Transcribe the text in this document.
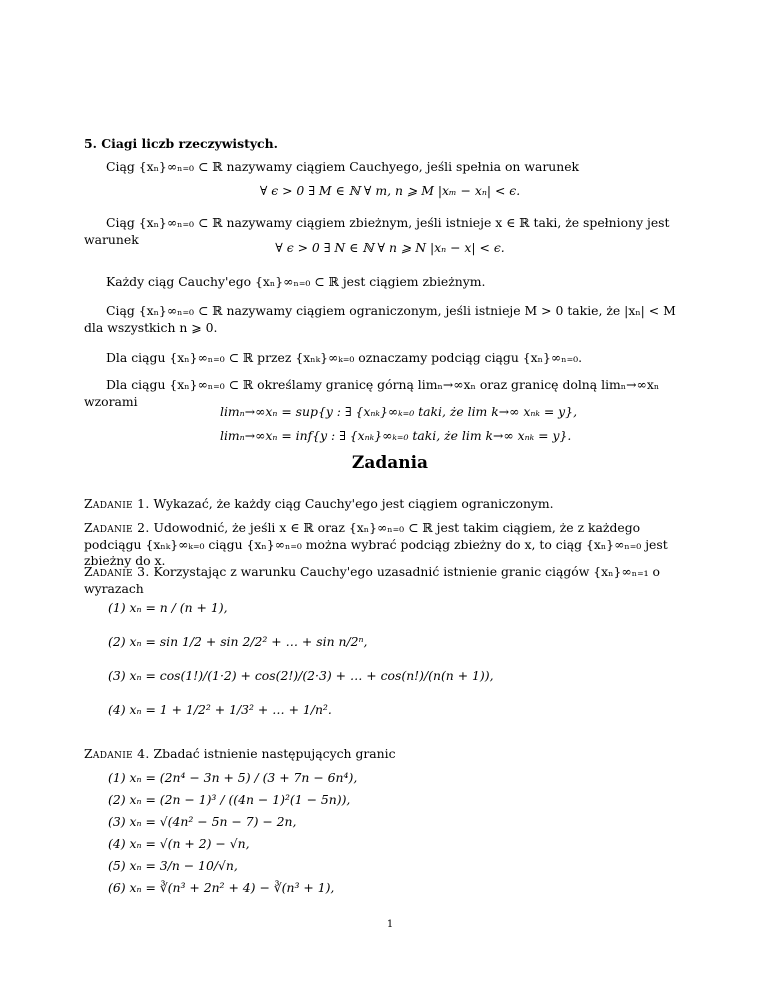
5. Ciagi liczb rzeczywistych.
Ciąg {xₙ}∞ₙ₌₀ ⊂ ℝ nazywamy ciągiem Cauchyego, jeśli spełnia on warunek
∀ ϵ > 0 ∃ M ∈ ℕ ∀ m, n ⩾ M |xₘ − xₙ| < ϵ.
Ciąg {xₙ}∞ₙ₌₀ ⊂ ℝ nazywamy ciągiem zbieżnym, jeśli istnieje x ∈ ℝ taki, że spełniony jest warunek
∀ ϵ > 0 ∃ N ∈ ℕ ∀ n ⩾ N |xₙ − x| < ϵ.
Każdy ciąg Cauchy'ego {xₙ}∞ₙ₌₀ ⊂ ℝ jest ciągiem zbieżnym.
Ciąg {xₙ}∞ₙ₌₀ ⊂ ℝ nazywamy ciągiem ograniczonym, jeśli istnieje M > 0 takie, że |xₙ| < M dla wszystkich n ⩾ 0.
Dla ciągu {xₙ}∞ₙ₌₀ ⊂ ℝ przez {xₙₖ}∞ₖ₌₀ oznaczamy podciąg ciągu {xₙ}∞ₙ₌₀.
Dla ciągu {xₙ}∞ₙ₌₀ ⊂ ℝ określamy granicę górną limₙ→∞xₙ oraz granicę dolną limₙ→∞xₙ wzorami
limₙ→∞xₙ = sup{y : ∃ {xₙₖ}∞ₖ₌₀ taki, że lim k→∞ xₙₖ = y},
limₙ→∞xₙ = inf{y : ∃ {xₙₖ}∞ₖ₌₀ taki, że lim k→∞ xₙₖ = y}.
Zadania
Zadanie 1. Wykazać, że każdy ciąg Cauchy'ego jest ciągiem ograniczonym.
Zadanie 2. Udowodnić, że jeśli x ∈ ℝ oraz {xₙ}∞ₙ₌₀ ⊂ ℝ jest takim ciągiem, że z każdego podciągu {xₙₖ}∞ₖ₌₀ ciągu {xₙ}∞ₙ₌₀ można wybrać podciąg zbieżny do x, to ciąg {xₙ}∞ₙ₌₀ jest zbieżny do x.
Zadanie 3. Korzystając z warunku Cauchy'ego uzasadnić istnienie granic ciągów {xₙ}∞ₙ₌₁ o wyrazach
(1) xₙ = n / (n + 1),
(2) xₙ = sin 1/2 + sin 2/2² + … + sin n/2ⁿ,
(3) xₙ = cos(1!)/(1·2) + cos(2!)/(2·3) + … + cos(n!)/(n(n + 1)),
(4) xₙ = 1 + 1/2² + 1/3² + … + 1/n².
Zadanie 4. Zbadać istnienie następujących granic
(1) xₙ = (2n⁴ − 3n + 5) / (3 + 7n − 6n⁴),
(2) xₙ = (2n − 1)³ / ((4n − 1)²(1 − 5n)),
(3) xₙ = √(4n² − 5n − 7) − 2n,
(4) xₙ = √(n + 2) − √n,
(5) xₙ = 3/n − 10/√n,
(6) xₙ = ∛(n³ + 2n² + 4) − ∛(n³ + 1),
1
